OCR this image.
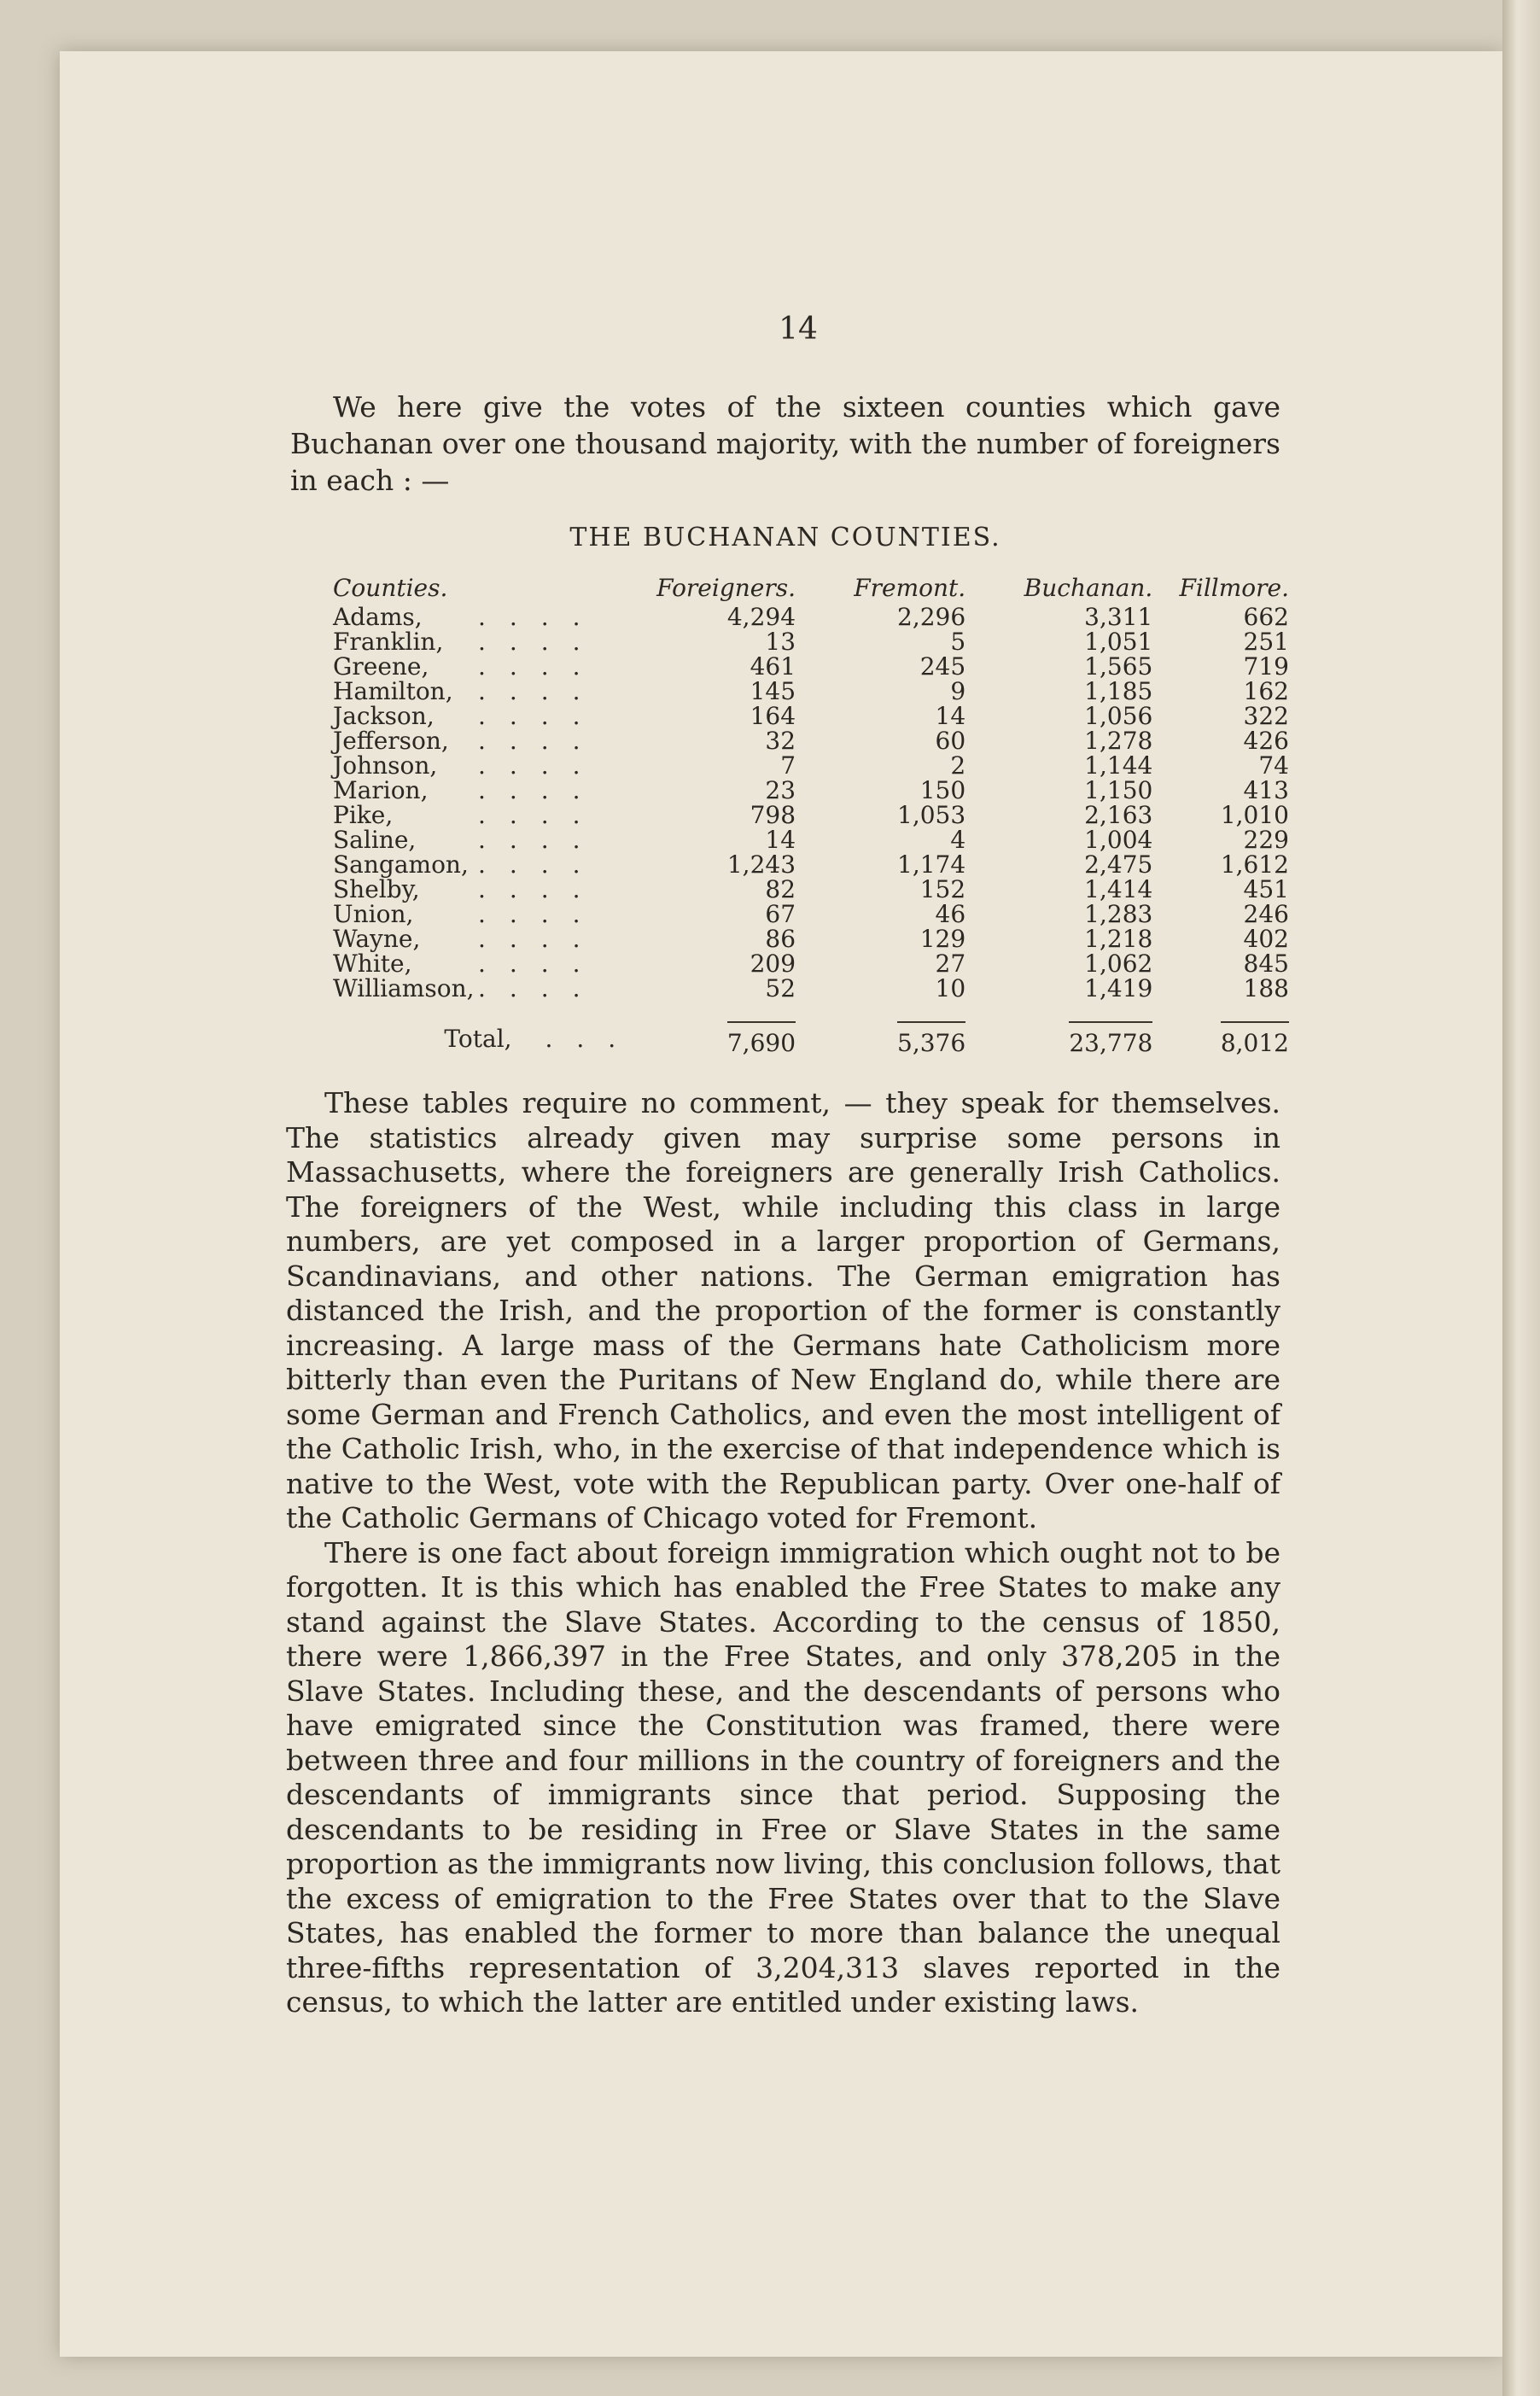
14

We here give the votes of the sixteen counties which gave Buchanan over one thousand majority, with the number of foreigners in each : —

THE BUCHANAN COUNTIES.
Counties.		Foreigners.	Fremont.	Buchanan.	Fillmore.
Adams,	....	4,294	2,296	3,311	662
Franklin,	....	13	5	1,051	251
Greene,	....	461	245	1,565	719
Hamilton,	....	145	9	1,185	162
Jackson,	....	164	14	1,056	322
Jefferson,	....	32	60	1,278	426
Johnson,	....	7	2	1,144	74
Marion,	....	23	150	1,150	413
Pike,	....	798	1,053	2,163	1,010
Saline,	....	14	4	1,004	229
Sangamon,	....	1,243	1,174	2,475	1,612
Shelby,	....	82	152	1,414	451
Union,	....	67	46	1,283	246
Wayne,	....	86	129	1,218	402
White,	....	209	27	1,062	845
Williamson,	....	52	10	1,419	188
Total, ...		7,690	5,376	23,778	8,012

These tables require no comment, — they speak for themselves. The statistics already given may surprise some persons in Massachusetts, where the foreigners are generally Irish Catholics. The foreigners of the West, while including this class in large numbers, are yet composed in a larger proportion of Germans, Scandinavians, and other nations. The German emigration has distanced the Irish, and the proportion of the former is constantly increasing. A large mass of the Germans hate Catholicism more bitterly than even the Puritans of New England do, while there are some German and French Catholics, and even the most intelligent of the Catholic Irish, who, in the exercise of that independence which is native to the West, vote with the Republican party. Over one-half of the Catholic Germans of Chicago voted for Fremont.

There is one fact about foreign immigration which ought not to be forgotten. It is this which has enabled the Free States to make any stand against the Slave States. According to the census of 1850, there were 1,866,397 in the Free States, and only 378,205 in the Slave States. Including these, and the descendants of persons who have emigrated since the Constitution was framed, there were between three and four millions in the country of foreigners and the descendants of immigrants since that period. Supposing the descendants to be residing in Free or Slave States in the same proportion as the immigrants now living, this conclusion follows, that the excess of emigration to the Free States over that to the Slave States, has enabled the former to more than balance the unequal three-fifths representation of 3,204,313 slaves reported in the census, to which the latter are entitled under existing laws.
